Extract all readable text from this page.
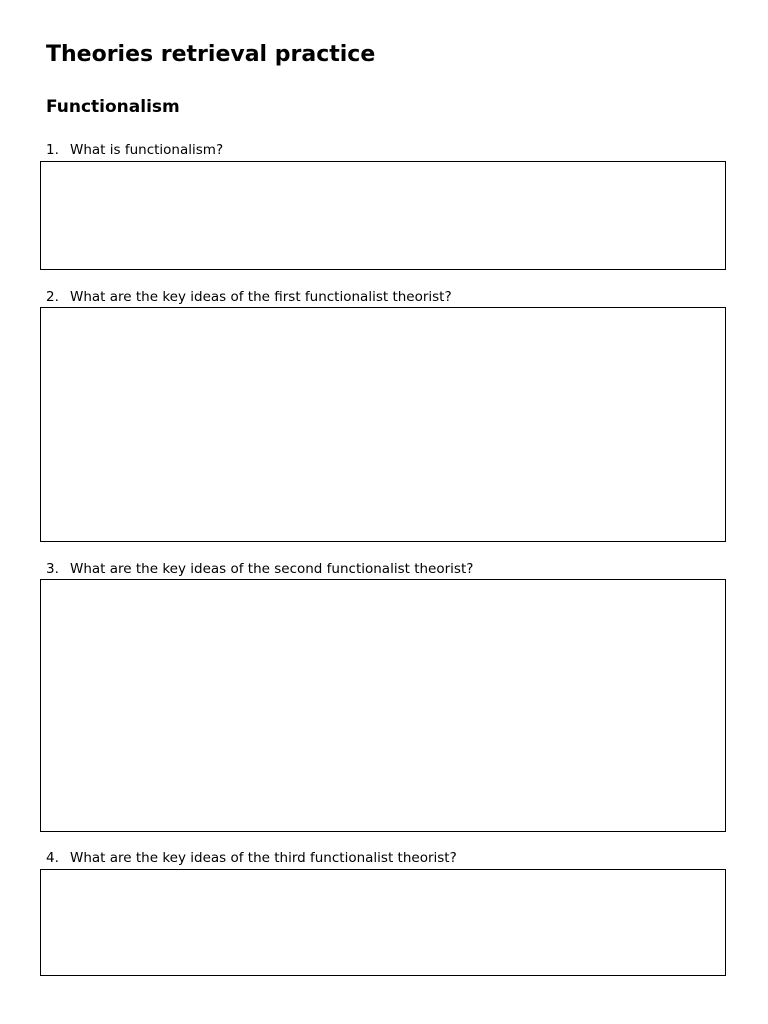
Theories retrieval practice
Functionalism

1. What is functionalism?

2. What are the key ideas of the first functionalist theorist?

3. What are the key ideas of the second functionalist theorist?

4. What are the key ideas of the third functionalist theorist?
